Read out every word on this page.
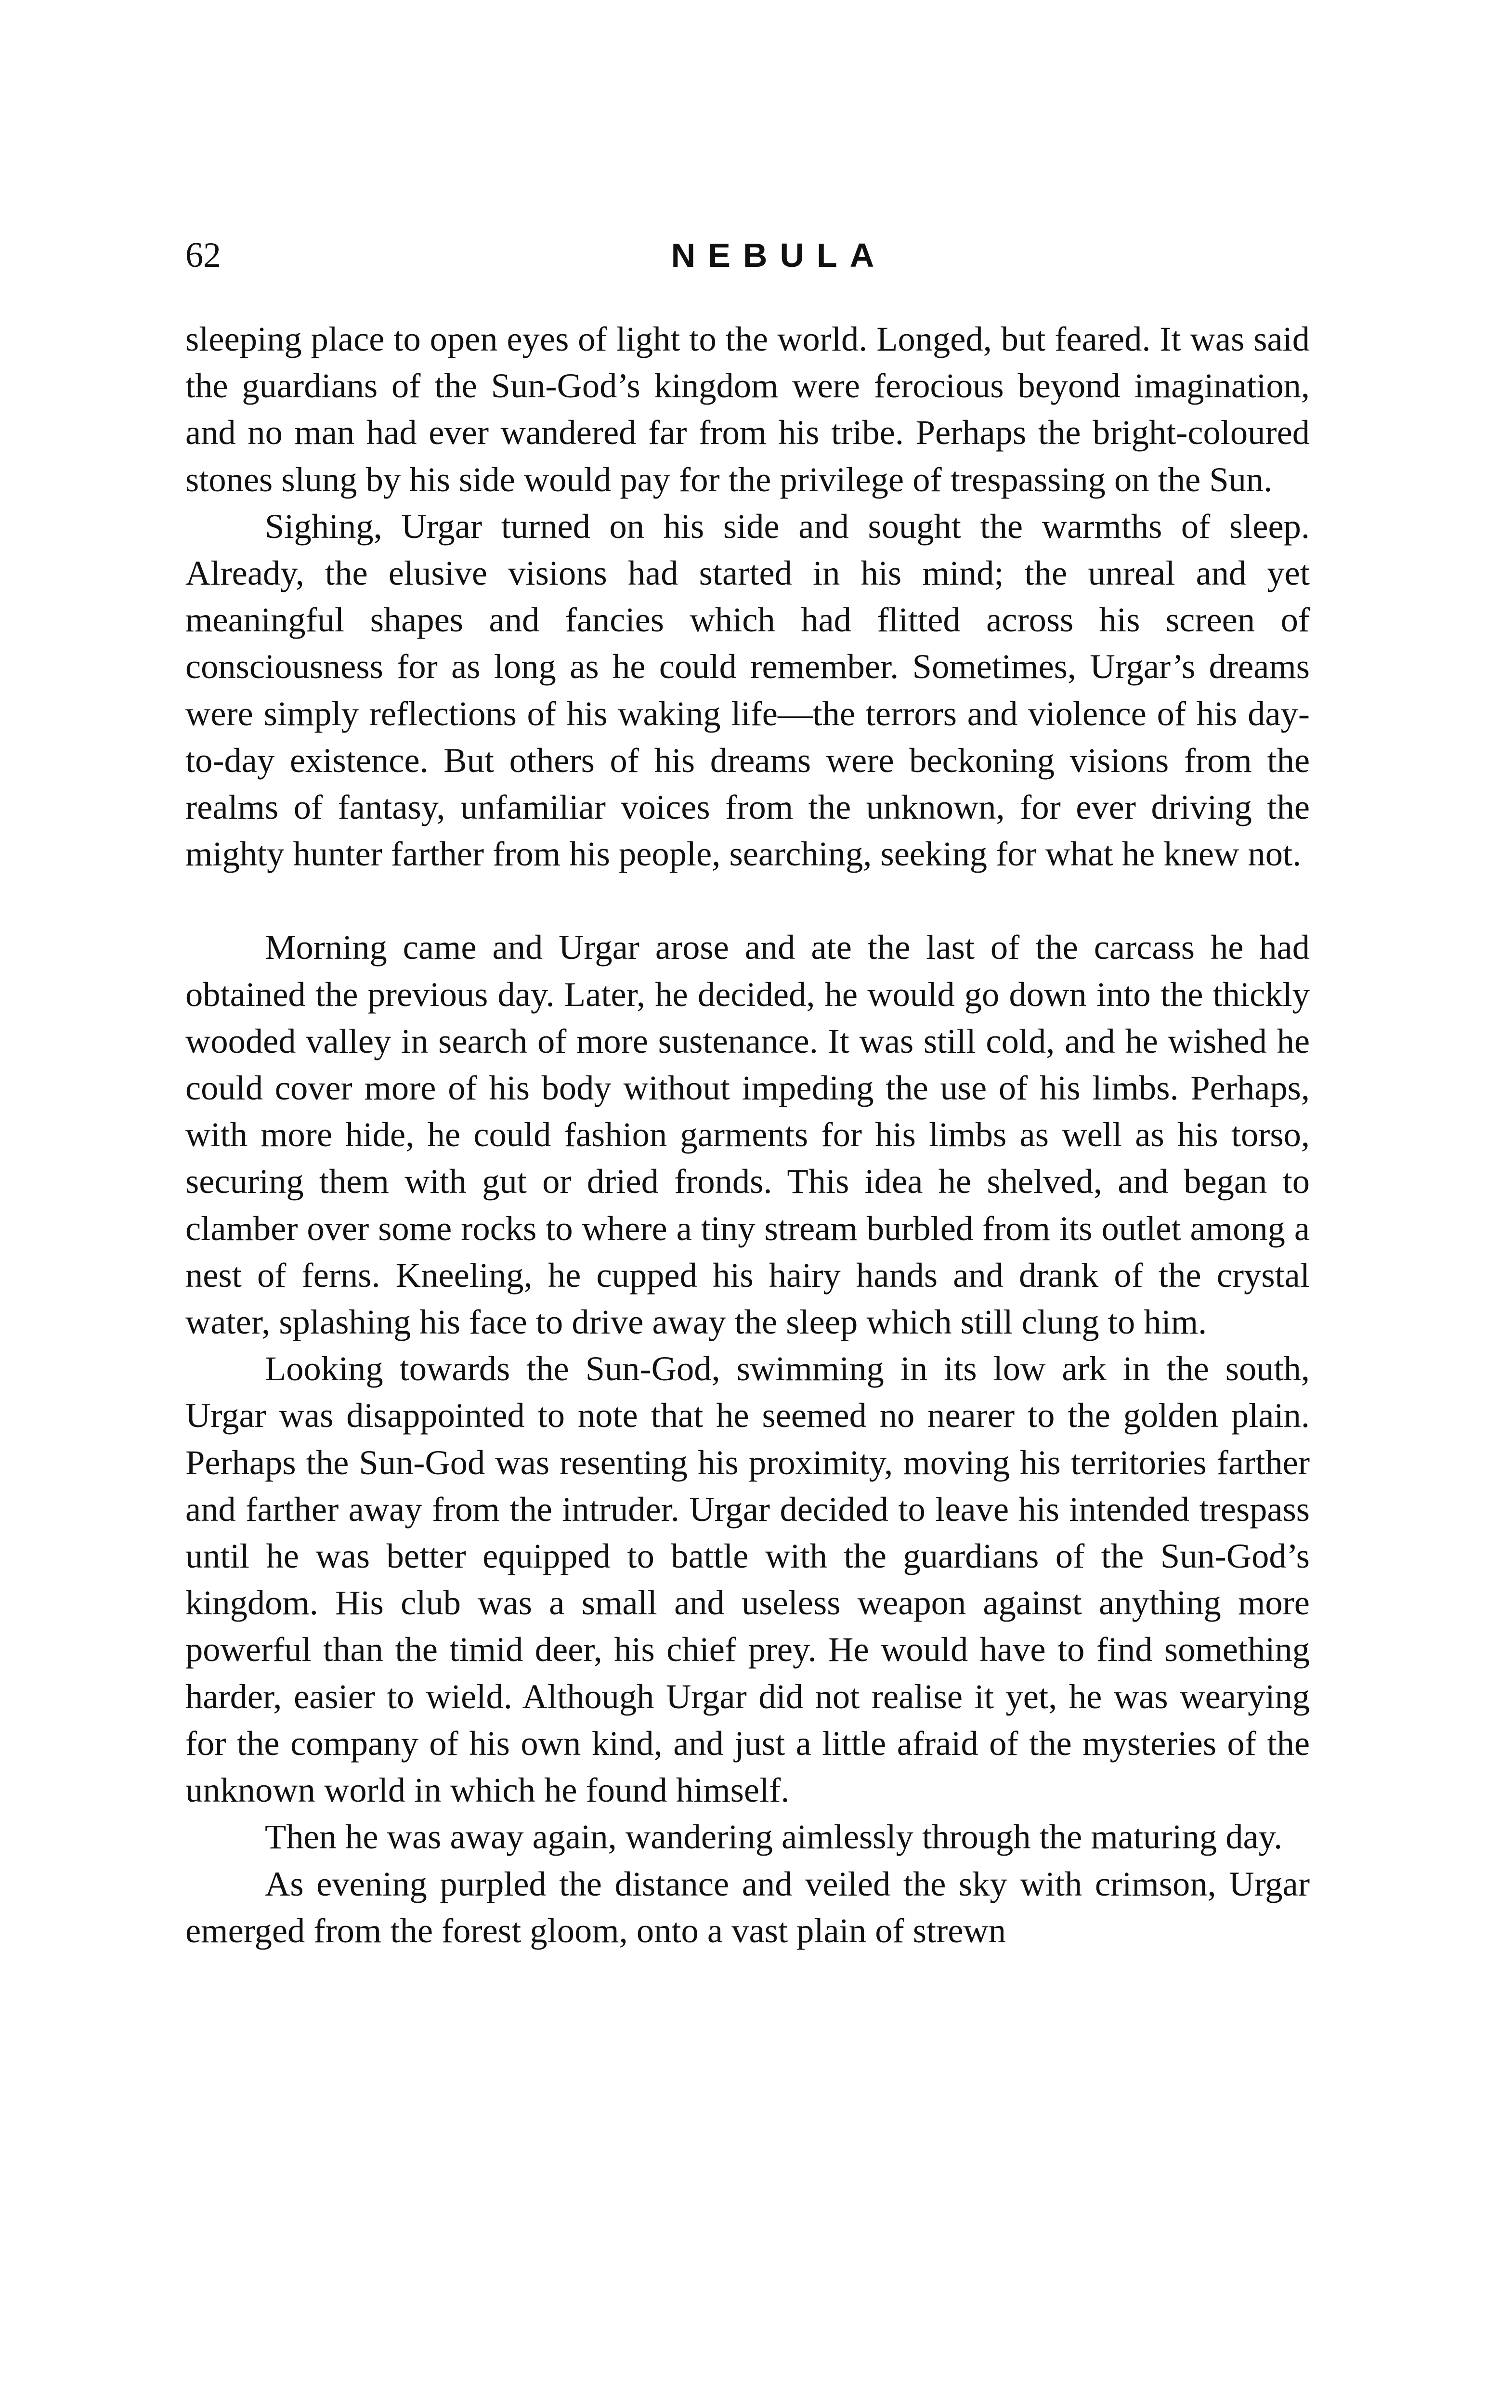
62	NEBULA

sleeping place to open eyes of light to the world. Longed, but feared. It was said the guardians of the Sun-God’s kingdom were ferocious beyond imagination, and no man had ever wandered far from his tribe. Perhaps the bright-coloured stones slung by his side would pay for the privilege of trespassing on the Sun.

Sighing, Urgar turned on his side and sought the warmths of sleep. Already, the elusive visions had started in his mind; the unreal and yet meaningful shapes and fancies which had flitted across his screen of consciousness for as long as he could remember. Sometimes, Urgar’s dreams were simply reflections of his waking life—the terrors and violence of his day-to-day existence. But others of his dreams were beckoning visions from the realms of fantasy, unfamiliar voices from the unknown, for ever driving the mighty hunter farther from his people, searching, seeking for what he knew not.

Morning came and Urgar arose and ate the last of the carcass he had obtained the previous day. Later, he decided, he would go down into the thickly wooded valley in search of more sustenance. It was still cold, and he wished he could cover more of his body without impeding the use of his limbs. Perhaps, with more hide, he could fashion garments for his limbs as well as his torso, securing them with gut or dried fronds. This idea he shelved, and began to clamber over some rocks to where a tiny stream burbled from its outlet among a nest of ferns. Kneeling, he cupped his hairy hands and drank of the crystal water, splashing his face to drive away the sleep which still clung to him.

Looking towards the Sun-God, swimming in its low ark in the south, Urgar was disappointed to note that he seemed no nearer to the golden plain. Perhaps the Sun-God was resenting his proximity, moving his territories farther and farther away from the intruder. Urgar decided to leave his intended trespass until he was better equipped to battle with the guardians of the Sun-God’s kingdom. His club was a small and useless weapon against anything more powerful than the timid deer, his chief prey. He would have to find something harder, easier to wield. Although Urgar did not realise it yet, he was wearying for the company of his own kind, and just a little afraid of the mysteries of the unknown world in which he found himself.

Then he was away again, wandering aimlessly through the maturing day.

As evening purpled the distance and veiled the sky with crimson, Urgar emerged from the forest gloom, onto a vast plain of strewn
